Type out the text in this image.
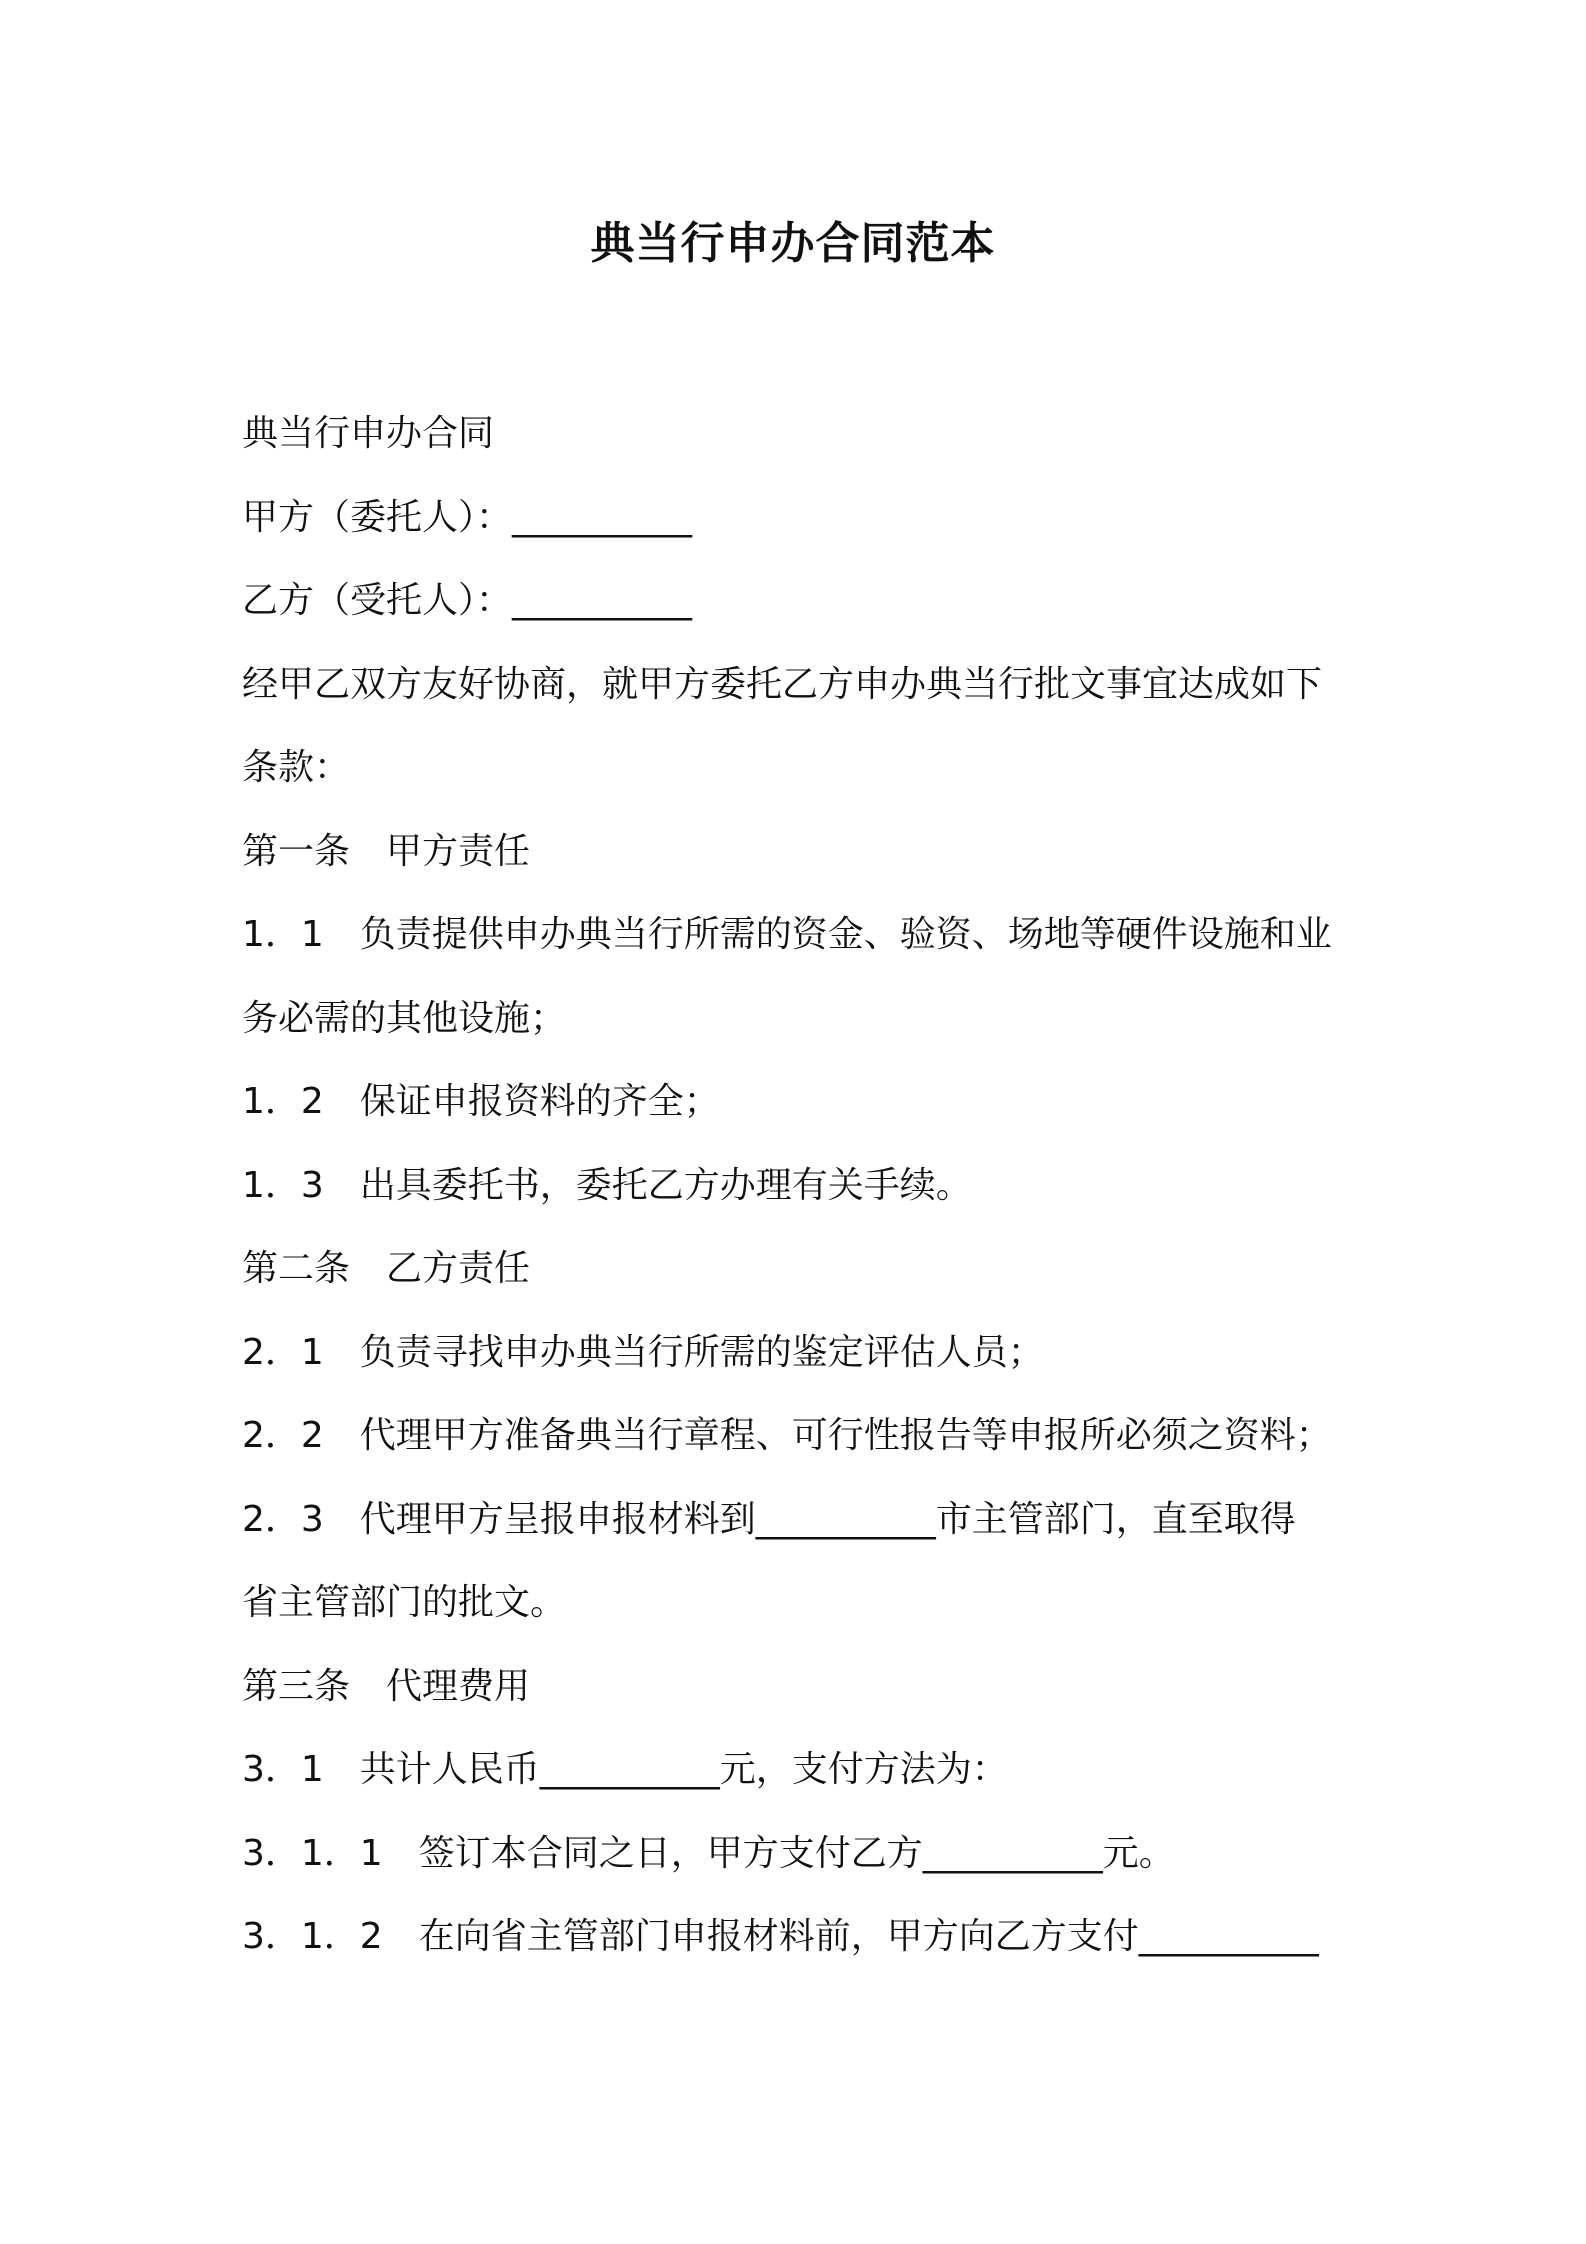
典当行申办合同范本
典当行申办合同
甲方（委托人）：__________
乙方（受托人）：__________
经甲乙双方友好协商，就甲方委托乙方申办典当行批文事宜达成如下
条款：
第一条　甲方责任
1．1　负责提供申办典当行所需的资金、验资、场地等硬件设施和业
务必需的其他设施；
1．2　保证申报资料的齐全；
1．3　出具委托书，委托乙方办理有关手续。
第二条　乙方责任
2．1　负责寻找申办典当行所需的鉴定评估人员；
2．2　代理甲方准备典当行章程、可行性报告等申报所必须之资料；
2．3　代理甲方呈报申报材料到__________市主管部门，直至取得
省主管部门的批文。
第三条　代理费用
3．1　共计人民币__________元，支付方法为：
3．1．1　签订本合同之日，甲方支付乙方__________元。
3．1．2　在向省主管部门申报材料前，甲方向乙方支付__________
